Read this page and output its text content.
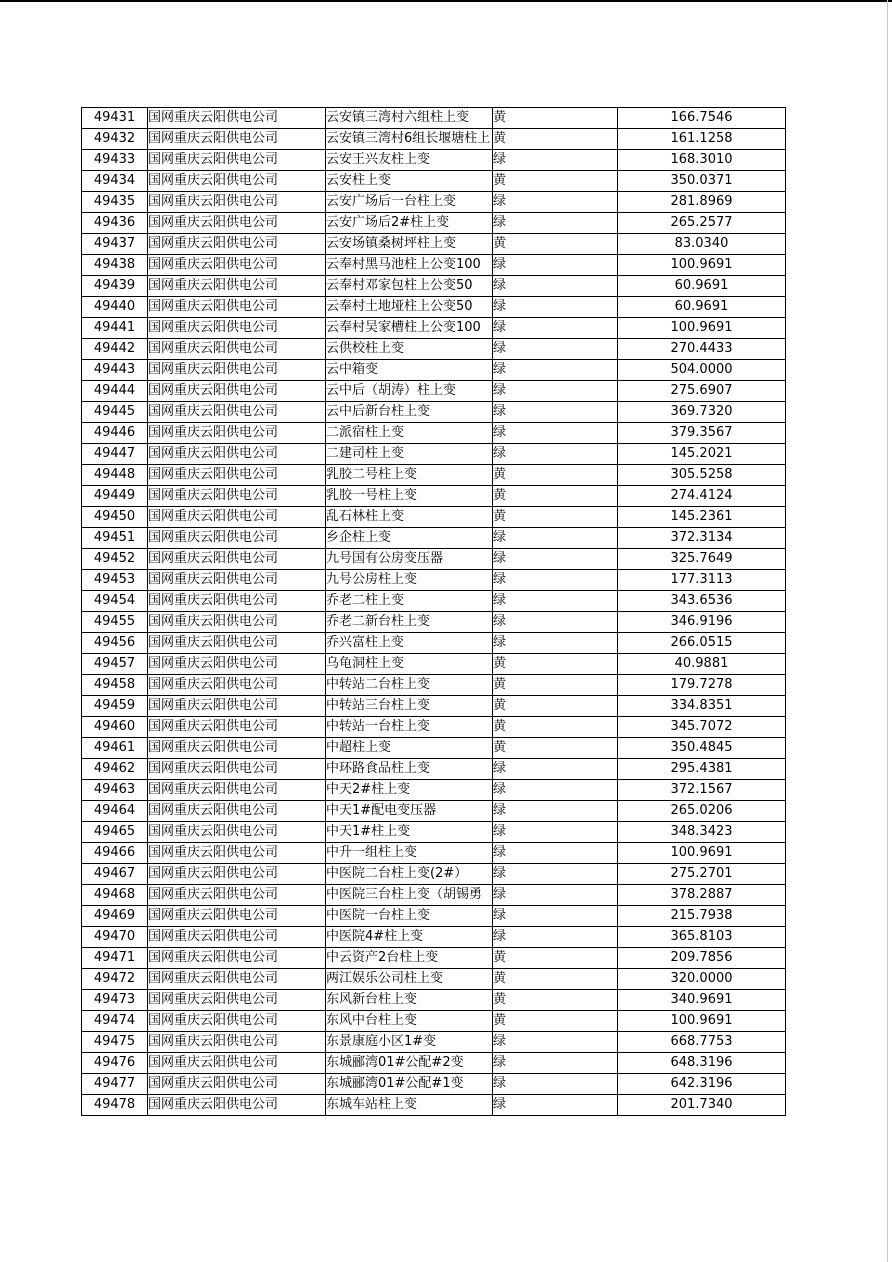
49431	国网重庆云阳供电公司	云安镇三湾村六组柱上变	黄	166.7546
49432	国网重庆云阳供电公司	云安镇三湾村6组长堰塘柱上	黄	161.1258
49433	国网重庆云阳供电公司	云安王兴友柱上变	绿	168.3010
49434	国网重庆云阳供电公司	云安柱上变	黄	350.0371
49435	国网重庆云阳供电公司	云安广场后一台柱上变	绿	281.8969
49436	国网重庆云阳供电公司	云安广场后2#柱上变	绿	265.2577
49437	国网重庆云阳供电公司	云安场镇桑树坪柱上变	黄	83.0340
49438	国网重庆云阳供电公司	云奉村黑马池柱上公变100	绿	100.9691
49439	国网重庆云阳供电公司	云奉村邓家包柱上公变50	绿	60.9691
49440	国网重庆云阳供电公司	云奉村土地垭柱上公变50	绿	60.9691
49441	国网重庆云阳供电公司	云奉村吴家槽柱上公变100	绿	100.9691
49442	国网重庆云阳供电公司	云供校柱上变	绿	270.4433
49443	国网重庆云阳供电公司	云中箱变	绿	504.0000
49444	国网重庆云阳供电公司	云中后（胡涛）柱上变	绿	275.6907
49445	国网重庆云阳供电公司	云中后新台柱上变	绿	369.7320
49446	国网重庆云阳供电公司	二派宿柱上变	绿	379.3567
49447	国网重庆云阳供电公司	二建司柱上变	绿	145.2021
49448	国网重庆云阳供电公司	乳胶二号柱上变	黄	305.5258
49449	国网重庆云阳供电公司	乳胶一号柱上变	黄	274.4124
49450	国网重庆云阳供电公司	乱石林柱上变	黄	145.2361
49451	国网重庆云阳供电公司	乡企柱上变	绿	372.3134
49452	国网重庆云阳供电公司	九号国有公房变压器	绿	325.7649
49453	国网重庆云阳供电公司	九号公房柱上变	绿	177.3113
49454	国网重庆云阳供电公司	乔老二柱上变	绿	343.6536
49455	国网重庆云阳供电公司	乔老二新台柱上变	绿	346.9196
49456	国网重庆云阳供电公司	乔兴富柱上变	绿	266.0515
49457	国网重庆云阳供电公司	乌龟洞柱上变	黄	40.9881
49458	国网重庆云阳供电公司	中转站二台柱上变	黄	179.7278
49459	国网重庆云阳供电公司	中转站三台柱上变	黄	334.8351
49460	国网重庆云阳供电公司	中转站一台柱上变	黄	345.7072
49461	国网重庆云阳供电公司	中超柱上变	黄	350.4845
49462	国网重庆云阳供电公司	中环路食品柱上变	绿	295.4381
49463	国网重庆云阳供电公司	中天2#柱上变	绿	372.1567
49464	国网重庆云阳供电公司	中天1#配电变压器	绿	265.0206
49465	国网重庆云阳供电公司	中天1#柱上变	绿	348.3423
49466	国网重庆云阳供电公司	中升一组柱上变	绿	100.9691
49467	国网重庆云阳供电公司	中医院二台柱上变(2#）	绿	275.2701
49468	国网重庆云阳供电公司	中医院三台柱上变（胡锡勇	绿	378.2887
49469	国网重庆云阳供电公司	中医院一台柱上变	绿	215.7938
49470	国网重庆云阳供电公司	中医院4#柱上变	绿	365.8103
49471	国网重庆云阳供电公司	中云资产2台柱上变	黄	209.7856
49472	国网重庆云阳供电公司	两江娱乐公司柱上变	黄	320.0000
49473	国网重庆云阳供电公司	东风新台柱上变	黄	340.9691
49474	国网重庆云阳供电公司	东风中台柱上变	黄	100.9691
49475	国网重庆云阳供电公司	东景康庭小区1#变	绿	668.7753
49476	国网重庆云阳供电公司	东城郦湾01#公配#2变	绿	648.3196
49477	国网重庆云阳供电公司	东城郦湾01#公配#1变	绿	642.3196
49478	国网重庆云阳供电公司	东城车站柱上变	绿	201.7340
